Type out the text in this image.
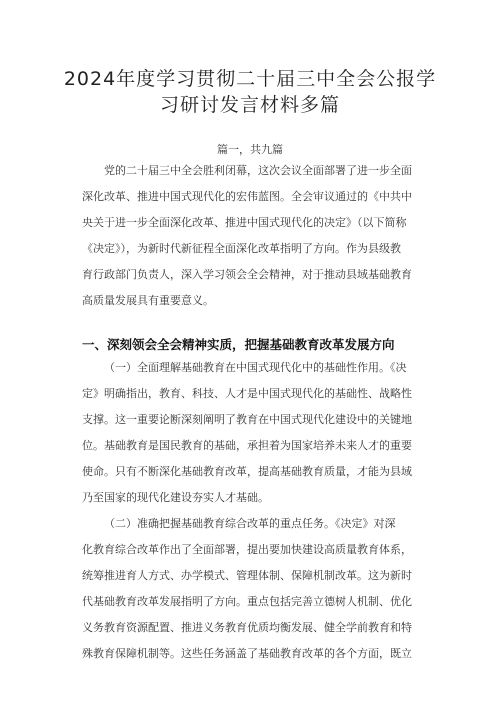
2024年度学习贯彻二十届三中全会公报学
习研讨发言材料多篇
篇一，共九篇
党的二十届三中全会胜利闭幕，这次会议全面部署了进一步全面
深化改革、推进中国式现代化的宏伟蓝图。全会审议通过的《中共中
央关于进一步全面深化改革、推进中国式现代化的决定》（以下简称
《决定》），为新时代新征程全面深化改革指明了方向。作为县级教
育行政部门负责人，深入学习领会全会精神，对于推动县域基础教育
高质量发展具有重要意义。
一、深刻领会全会精神实质，把握基础教育改革发展方向
（一）全面理解基础教育在中国式现代化中的基础性作用。《决
定》明确指出，教育、科技、人才是中国式现代化的基础性、战略性
支撑。这一重要论断深刻阐明了教育在中国式现代化建设中的关键地
位。基础教育是国民教育的基础，承担着为国家培养未来人才的重要
使命。只有不断深化基础教育改革，提高基础教育质量，才能为县域
乃至国家的现代化建设夯实人才基础。
（二）准确把握基础教育综合改革的重点任务。《决定》对深
化教育综合改革作出了全面部署，提出要加快建设高质量教育体系，
统筹推进育人方式、办学模式、管理体制、保障机制改革。这为新时
代基础教育改革发展指明了方向。重点包括完善立德树人机制、优化
义务教育资源配置、推进义务教育优质均衡发展、健全学前教育和特
殊教育保障机制等。这些任务涵盖了基础教育改革的各个方面，既立
